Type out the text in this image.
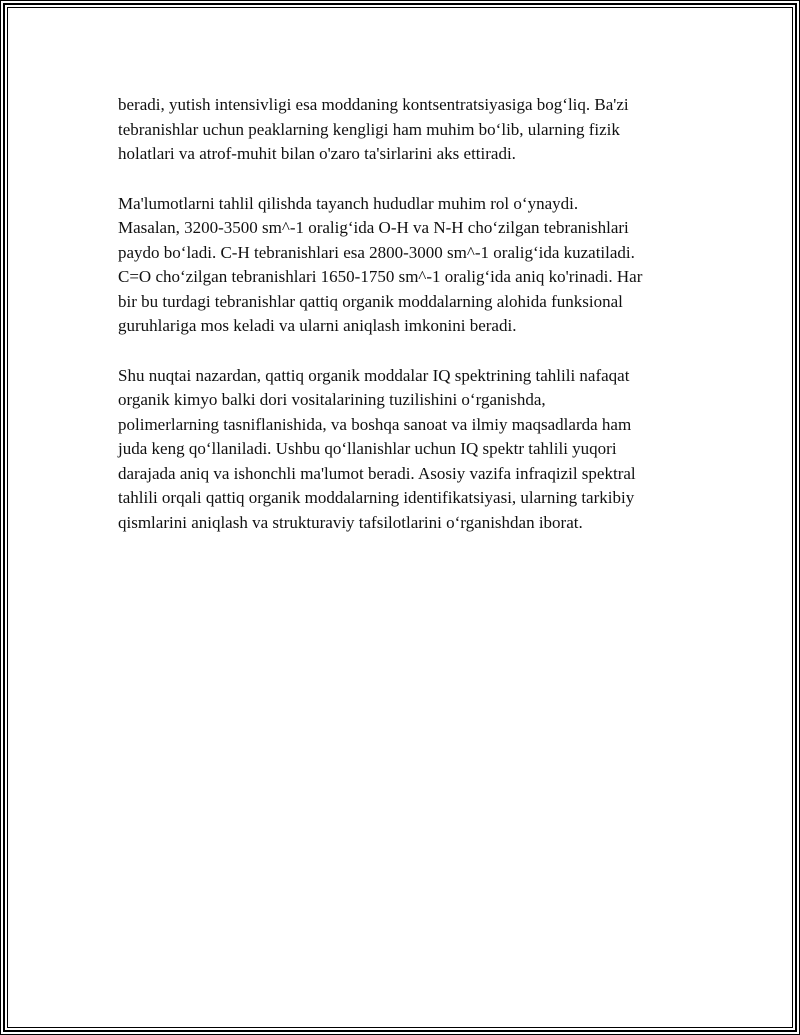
beradi, yutish intensivligi esa moddaning kontsentratsiyasiga bog‘liq. Ba'zi
tebranishlar uchun peaklarning kengligi ham muhim bo‘lib, ularning fizik
holatlari va atrof-muhit bilan o'zaro ta'sirlarini aks ettiradi.

Ma'lumotlarni tahlil qilishda tayanch hududlar muhim rol o‘ynaydi.
Masalan, 3200-3500 sm^-1 oralig‘ida O-H va N-H cho‘zilgan tebranishlari
paydo bo‘ladi. C-H tebranishlari esa 2800-3000 sm^-1 oralig‘ida kuzatiladi.
C=O cho‘zilgan tebranishlari 1650-1750 sm^-1 oralig‘ida aniq ko'rinadi. Har
bir bu turdagi tebranishlar qattiq organik moddalarning alohida funksional
guruhlariga mos keladi va ularni aniqlash imkonini beradi.

Shu nuqtai nazardan, qattiq organik moddalar IQ spektrining tahlili nafaqat
organik kimyo balki dori vositalarining tuzilishini o‘rganishda,
polimerlarning tasniflanishida, va boshqa sanoat va ilmiy maqsadlarda ham
juda keng qo‘llaniladi. Ushbu qo‘llanishlar uchun IQ spektr tahlili yuqori
darajada aniq va ishonchli ma'lumot beradi. Asosiy vazifa infraqizil spektral
tahlili orqali qattiq organik moddalarning identifikatsiyasi, ularning tarkibiy
qismlarini aniqlash va strukturaviy tafsilotlarini o‘rganishdan iborat.
